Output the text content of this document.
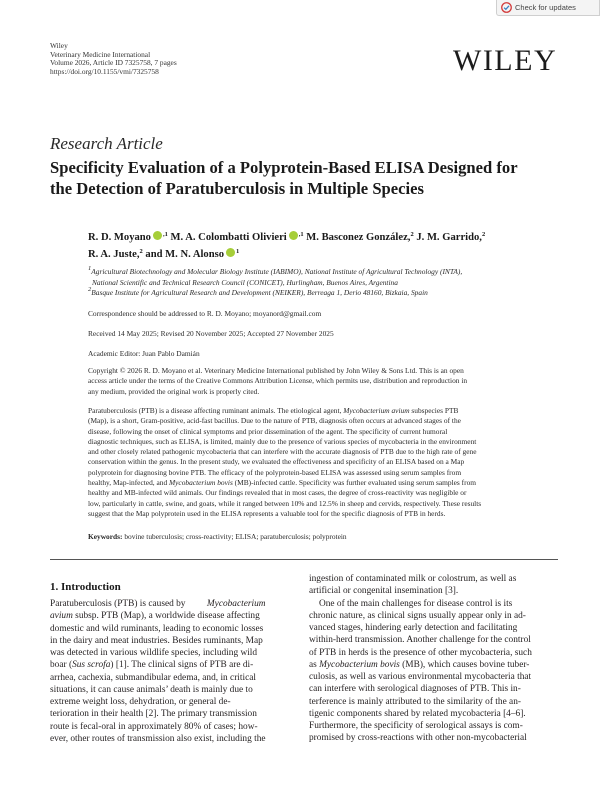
Check for updates
Wiley
Veterinary Medicine International
Volume 2026, Article ID 7325758, 7 pages
https://doi.org/10.1155/vmi/7325758	WILEY
Research Article
Specificity Evaluation of a Polyprotein-Based ELISA Designed for
the Detection of Paratuberculosis in Multiple Species
R. D. Moyano $^{,1}$ M. A. Colombatti Olivieri $^{,1}$ M. Basconez González,$^2$ J. M. Garrido,$^2$
R. A. Juste,$^2$ and M. N. Alonso $^1$
$^1$Agricultural Biotechnology and Molecular Biology Institute (IABIMO), National Institute of Agricultural Technology (INTA),
National Scientific and Technical Research Council (CONICET), Hurlingham, Buenos Aires, Argentina
$^2$Basque Institute for Agricultural Research and Development (NEIKER), Berreaga 1, Derio 48160, Bizkaia, Spain
Correspondence should be addressed to R. D. Moyano; moyanord@gmail.com
Received 14 May 2025; Revised 20 November 2025; Accepted 27 November 2025
Academic Editor: Juan Pablo Damián
Copyright © 2026 R. D. Moyano et al. Veterinary Medicine International published by John Wiley & Sons Ltd. This is an open
access article under the terms of the Creative Commons Attribution License, which permits use, distribution and reproduction in
any medium, provided the original work is properly cited.
Paratuberculosis (PTB) is a disease affecting ruminant animals. The etiological agent, Mycobacterium avium subspecies PTB
(Map), is a short, Gram-positive, acid-fast bacillus. Due to the nature of PTB, diagnosis often occurs at advanced stages of the
disease, following the onset of clinical symptoms and prior dissemination of the agent. The specificity of current humoral
diagnostic techniques, such as ELISA, is limited, mainly due to the presence of various species of mycobacteria in the environment
and other closely related pathogenic mycobacteria that can interfere with the accurate diagnosis of PTB due to the high rate of gene
conservation within the genus. In the present study, we evaluated the effectiveness and specificity of an ELISA based on a Map
polyprotein for diagnosing bovine PTB. The efficacy of the polyprotein-based ELISA was assessed using serum samples from
healthy, Map-infected, and Mycobacterium bovis (MB)-infected cattle. Specificity was further evaluated using serum samples from
healthy and MB-infected wild animals. Our findings revealed that in most cases, the degree of cross-reactivity was negligible or
low, particularly in cattle, swine, and goats, while it ranged between 10% and 12.5% in sheep and cervids, respectively. These results
suggest that the Map polyprotein used in the ELISA represents a valuable tool for the specific diagnosis of PTB in herds.
Keywords: bovine tuberculosis; cross-reactivity; ELISA; paratuberculosis; polyprotein
1. Introduction
Paratuberculosis (PTB) is caused by Mycobacterium
avium subsp. PTB (Map), a worldwide disease affecting
domestic and wild ruminants, leading to economic losses
in the dairy and meat industries. Besides ruminants, Map
was detected in various wildlife species, including wild
boar (Sus scrofa) [1]. The clinical signs of PTB are di-
arrhea, cachexia, submandibular edema, and, in critical
situations, it can cause animals’ death is mainly due to
extreme weight loss, dehydration, or general de-
terioration in their health [2]. The primary transmission
route is fecal-oral in approximately 80% of cases; how-
ever, other routes of transmission also exist, including the
ingestion of contaminated milk or colostrum, as well as
artificial or congenital insemination [3].
One of the main challenges for disease control is its
chronic nature, as clinical signs usually appear only in ad-
vanced stages, hindering early detection and facilitating
within-herd transmission. Another challenge for the control
of PTB in herds is the presence of other mycobacteria, such
as Mycobacterium bovis (MB), which causes bovine tuber-
culosis, as well as various environmental mycobacteria that
can interfere with serological diagnoses of PTB. This in-
terference is mainly attributed to the similarity of the an-
tigenic components shared by related mycobacteria [4–6].
Furthermore, the specificity of serological assays is com-
promised by cross-reactions with other non-mycobacterial
